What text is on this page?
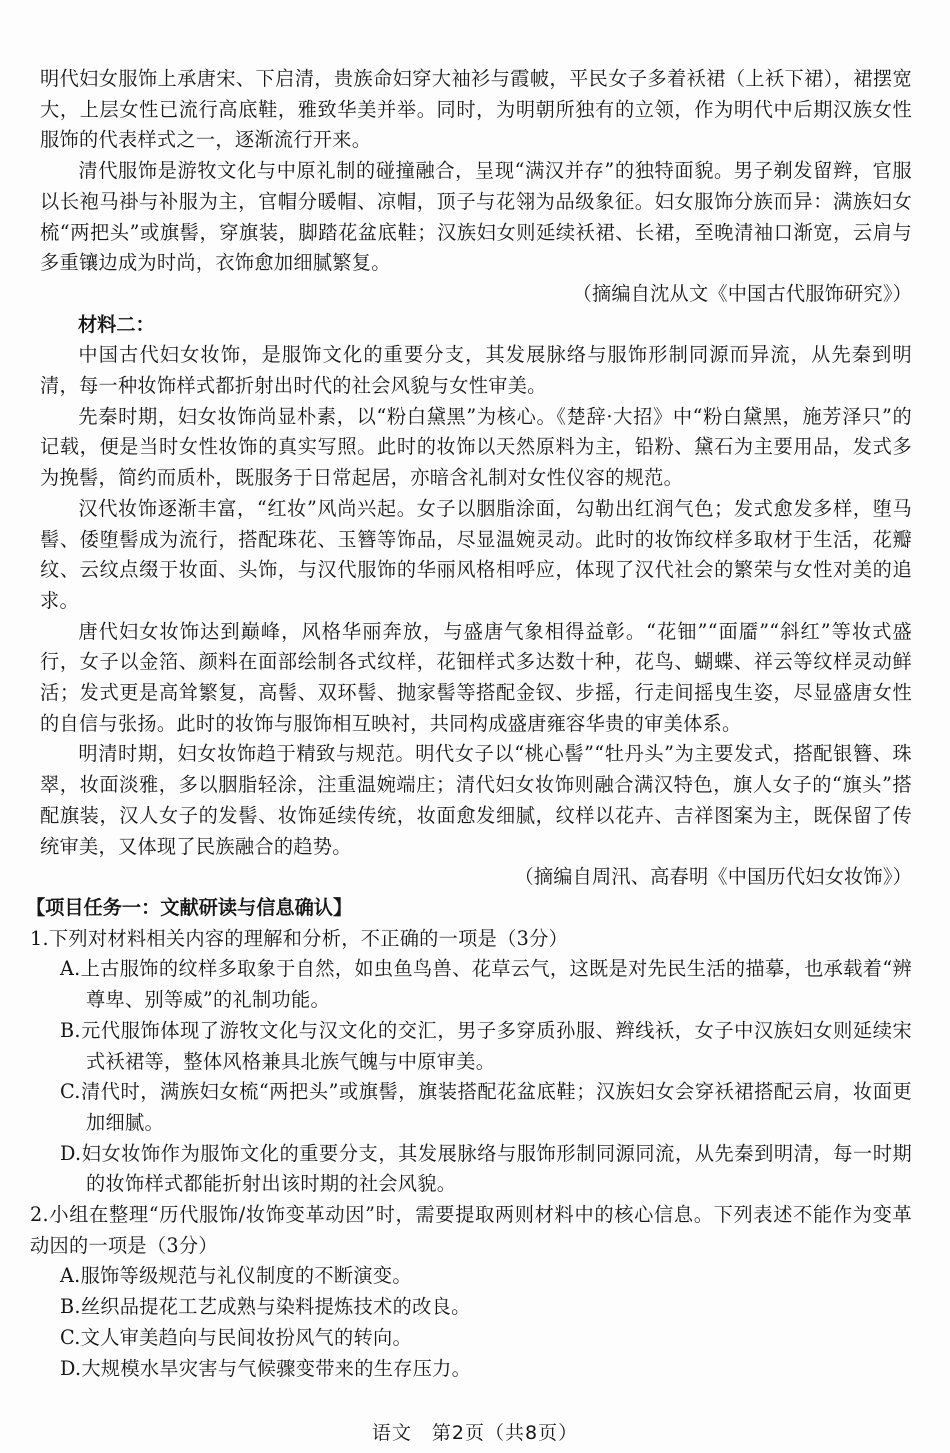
明代妇女服饰上承唐宋、下启清，贵族命妇穿大袖衫与霞帔，平民女子多着袄裙（上袄下裙），裙摆宽大，上层女性已流行高底鞋，雅致华美并举。同时，为明朝所独有的立领，作为明代中后期汉族女性服饰的代表样式之一，逐渐流行开来。

清代服饰是游牧文化与中原礼制的碰撞融合，呈现“满汉并存”的独特面貌。男子剃发留辫，官服以长袍马褂与补服为主，官帽分暖帽、凉帽，顶子与花翎为品级象征。妇女服饰分族而异：满族妇女梳“两把头”或旗髻，穿旗装，脚踏花盆底鞋；汉族妇女则延续袄裙、长裙，至晚清袖口渐宽，云肩与多重镶边成为时尚，衣饰愈加细腻繁复。

（摘编自沈从文《中国古代服饰研究》）

材料二：

中国古代妇女妆饰，是服饰文化的重要分支，其发展脉络与服饰形制同源而异流，从先秦到明清，每一种妆饰样式都折射出时代的社会风貌与女性审美。

先秦时期，妇女妆饰尚显朴素，以“粉白黛黑”为核心。《楚辞·大招》中“粉白黛黑，施芳泽只”的记载，便是当时女性妆饰的真实写照。此时的妆饰以天然原料为主，铅粉、黛石为主要用品，发式多为挽髻，简约而质朴，既服务于日常起居，亦暗含礼制对女性仪容的规范。

汉代妆饰逐渐丰富，“红妆”风尚兴起。女子以胭脂涂面，勾勒出红润气色；发式愈发多样，堕马髻、倭堕髻成为流行，搭配珠花、玉簪等饰品，尽显温婉灵动。此时的妆饰纹样多取材于生活，花瓣纹、云纹点缀于妆面、头饰，与汉代服饰的华丽风格相呼应，体现了汉代社会的繁荣与女性对美的追求。

唐代妇女妆饰达到巅峰，风格华丽奔放，与盛唐气象相得益彰。“花钿”“面靥”“斜红”等妆式盛行，女子以金箔、颜料在面部绘制各式纹样，花钿样式多达数十种，花鸟、蝴蝶、祥云等纹样灵动鲜活；发式更是高耸繁复，高髻、双环髻、抛家髻等搭配金钗、步摇，行走间摇曳生姿，尽显盛唐女性的自信与张扬。此时的妆饰与服饰相互映衬，共同构成盛唐雍容华贵的审美体系。

明清时期，妇女妆饰趋于精致与规范。明代女子以“桃心髻”“牡丹头”为主要发式，搭配银簪、珠翠，妆面淡雅，多以胭脂轻涂，注重温婉端庄；清代妇女妆饰则融合满汉特色，旗人女子的“旗头”搭配旗装，汉人女子的发髻、妆饰延续传统，妆面愈发细腻，纹样以花卉、吉祥图案为主，既保留了传统审美，又体现了民族融合的趋势。

（摘编自周汛、高春明《中国历代妇女妆饰》）

【项目任务一：文献研读与信息确认】

1.下列对材料相关内容的理解和分析，不正确的一项是（3分）

A.上古服饰的纹样多取象于自然，如虫鱼鸟兽、花草云气，这既是对先民生活的描摹，也承载着“辨尊卑、别等威”的礼制功能。

B.元代服饰体现了游牧文化与汉文化的交汇，男子多穿质孙服、辫线袄，女子中汉族妇女则延续宋式袄裙等，整体风格兼具北族气魄与中原审美。

C.清代时，满族妇女梳“两把头”或旗髻，旗装搭配花盆底鞋；汉族妇女会穿袄裙搭配云肩，妆面更加细腻。

D.妇女妆饰作为服饰文化的重要分支，其发展脉络与服饰形制同源同流，从先秦到明清，每一时期的妆饰样式都能折射出该时期的社会风貌。

2.小组在整理“历代服饰/妆饰变革动因”时，需要提取两则材料中的核心信息。下列表述不能作为变革动因的一项是（3分）

A.服饰等级规范与礼仪制度的不断演变。

B.丝织品提花工艺成熟与染料提炼技术的改良。

C.文人审美趋向与民间妆扮风气的转向。

D.大规模水旱灾害与气候骤变带来的生存压力。

语文　第2页（共8页）
